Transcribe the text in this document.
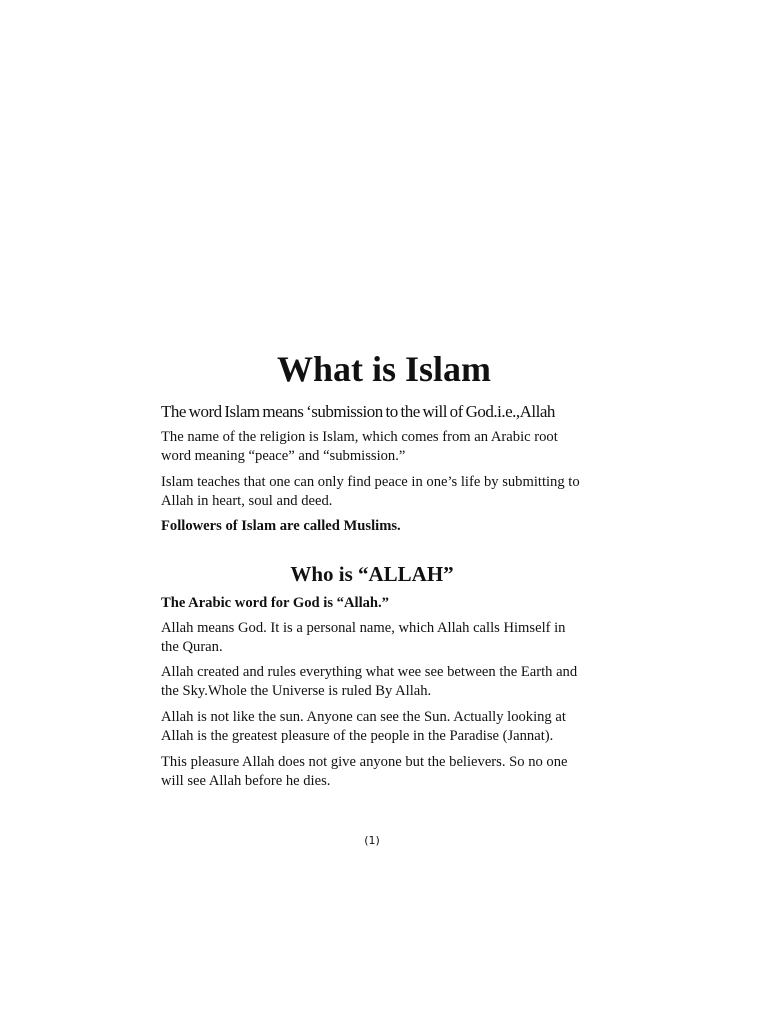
What is Islam

The word Islam means ‘submission to the will of God.i.e.,Allah

The name of the religion is Islam, which comes from an Arabic root word meaning “peace” and “submission.”

Islam teaches that one can only find peace in one’s life by submitting to Allah in heart, soul and deed.

Followers of Islam are called Muslims.

Who is “ALLAH”

The Arabic word for God is “Allah.”

Allah means God. It is a personal name, which Allah calls Himself in the Quran.

Allah created and rules everything what wee see between the Earth and the Sky.Whole the Universe is ruled By Allah.

Allah is not like the sun. Anyone can see the Sun. Actually looking at Allah is the greatest pleasure of the people in the Paradise (Jannat).

This pleasure Allah does not give anyone but the believers. So no one will see Allah before he dies.

(1)
